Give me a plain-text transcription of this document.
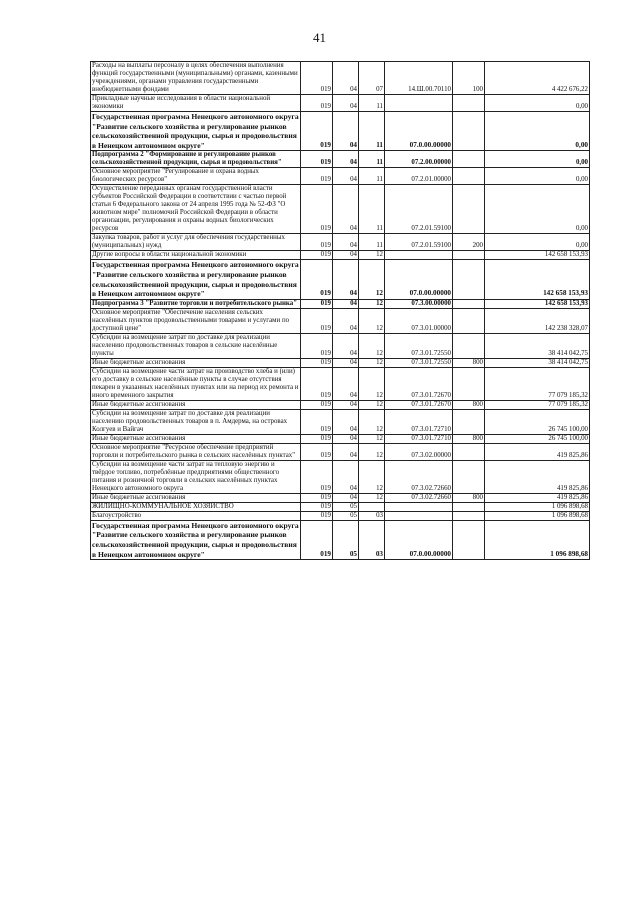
41
Расходы на выплаты персоналу в целях обеспечения выполнения функций государственными (муниципальными) органами, казенными учреждениями, органами управления государственными внебюджетными фондами	019	04	07	14.Ш.00.70110	100	4 422 676,22
Прикладные научные исследования в области национальной экономики	019	04	11			0,00
Государственная программа Ненецкого автономного округа "Развитие сельского хозяйства и регулирование рынков сельскохозяйственной продукции, сырья и продовольствия в Ненецком автономном округе"	019	04	11	07.0.00.00000		0,00
Подпрограмма 2 "Формирование и регулирование рынков сельскохозяйственной продукции, сырья и продовольствия"	019	04	11	07.2.00.00000		0,00
Основное мероприятие "Регулирование и охрана водных биологических ресурсов"	019	04	11	07.2.01.00000		0,00
Осуществление переданных органам государственной власти субъектов Российской Федерации в соответствии с частью первой статьи 6 Федерального закона от 24 апреля 1995 года № 52-ФЗ "О животном мире" полномочий Российской Федерации в области организации, регулирования и охраны водных биологических ресурсов	019	04	11	07.2.01.59100		0,00
Закупка товаров, работ и услуг для обеспечения государственных (муниципальных) нужд	019	04	11	07.2.01.59100	200	0,00
Другие вопросы в области национальной экономики	019	04	12			142 658 153,93
Государственная программа Ненецкого автономного округа "Развитие сельского хозяйства и регулирование рынков сельскохозяйственной продукции, сырья и продовольствия в Ненецком автономном округе"	019	04	12	07.0.00.00000		142 658 153,93
Подпрограмма 3 "Развитие торговли и потребительского рынка"	019	04	12	07.3.00.00000		142 658 153,93
Основное мероприятие "Обеспечение населения сельских населённых пунктов продовольственными товарами и услугами по доступной цене"	019	04	12	07.3.01.00000		142 238 328,07
Субсидии на возмещение затрат по доставке для реализации населению продовольственных товаров в сельские населённые пункты	019	04	12	07.3.01.72550		38 414 042,75
Иные бюджетные ассигнования	019	04	12	07.3.01.72550	800	38 414 042,75
Субсидии на возмещение части затрат на производство хлеба и (или) его доставку в сельские населённые пункты в случае отсутствия пекарен в указанных населённых пунктах или на период их ремонта и иного временного закрытия	019	04	12	07.3.01.72670		77 079 185,32
Иные бюджетные ассигнования	019	04	12	07.3.01.72670	800	77 079 185,32
Субсидии на возмещение затрат по доставке для реализации населению продовольственных товаров в п. Амдерма, на островах Колгуев и Вайгач	019	04	12	07.3.01.72710		26 745 100,00
Иные бюджетные ассигнования	019	04	12	07.3.01.72710	800	26 745 100,00
Основное мероприятие "Ресурсное обеспечение предприятий торговли и потребительского рынка в сельских населённых пунктах"	019	04	12	07.3.02.00000		419 825,86
Субсидии на возмещение части затрат на тепловую энергию и твёрдое топливо, потреблённые предприятиями общественного питания и розничной торговли в сельских населённых пунктах Ненецкого автономного округа	019	04	12	07.3.02.72660		419 825,86
Иные бюджетные ассигнования	019	04	12	07.3.02.72660	800	419 825,86
ЖИЛИЩНО-КОММУНАЛЬНОЕ ХОЗЯЙСТВО	019	05				1 096 898,68
Благоустройство	019	05	03			1 096 898,68
Государственная программа Ненецкого автономного округа "Развитие сельского хозяйства и регулирование рынков сельскохозяйственной продукции, сырья и продовольствия в Ненецком автономном округе"	019	05	03	07.0.00.00000		1 096 898,68
